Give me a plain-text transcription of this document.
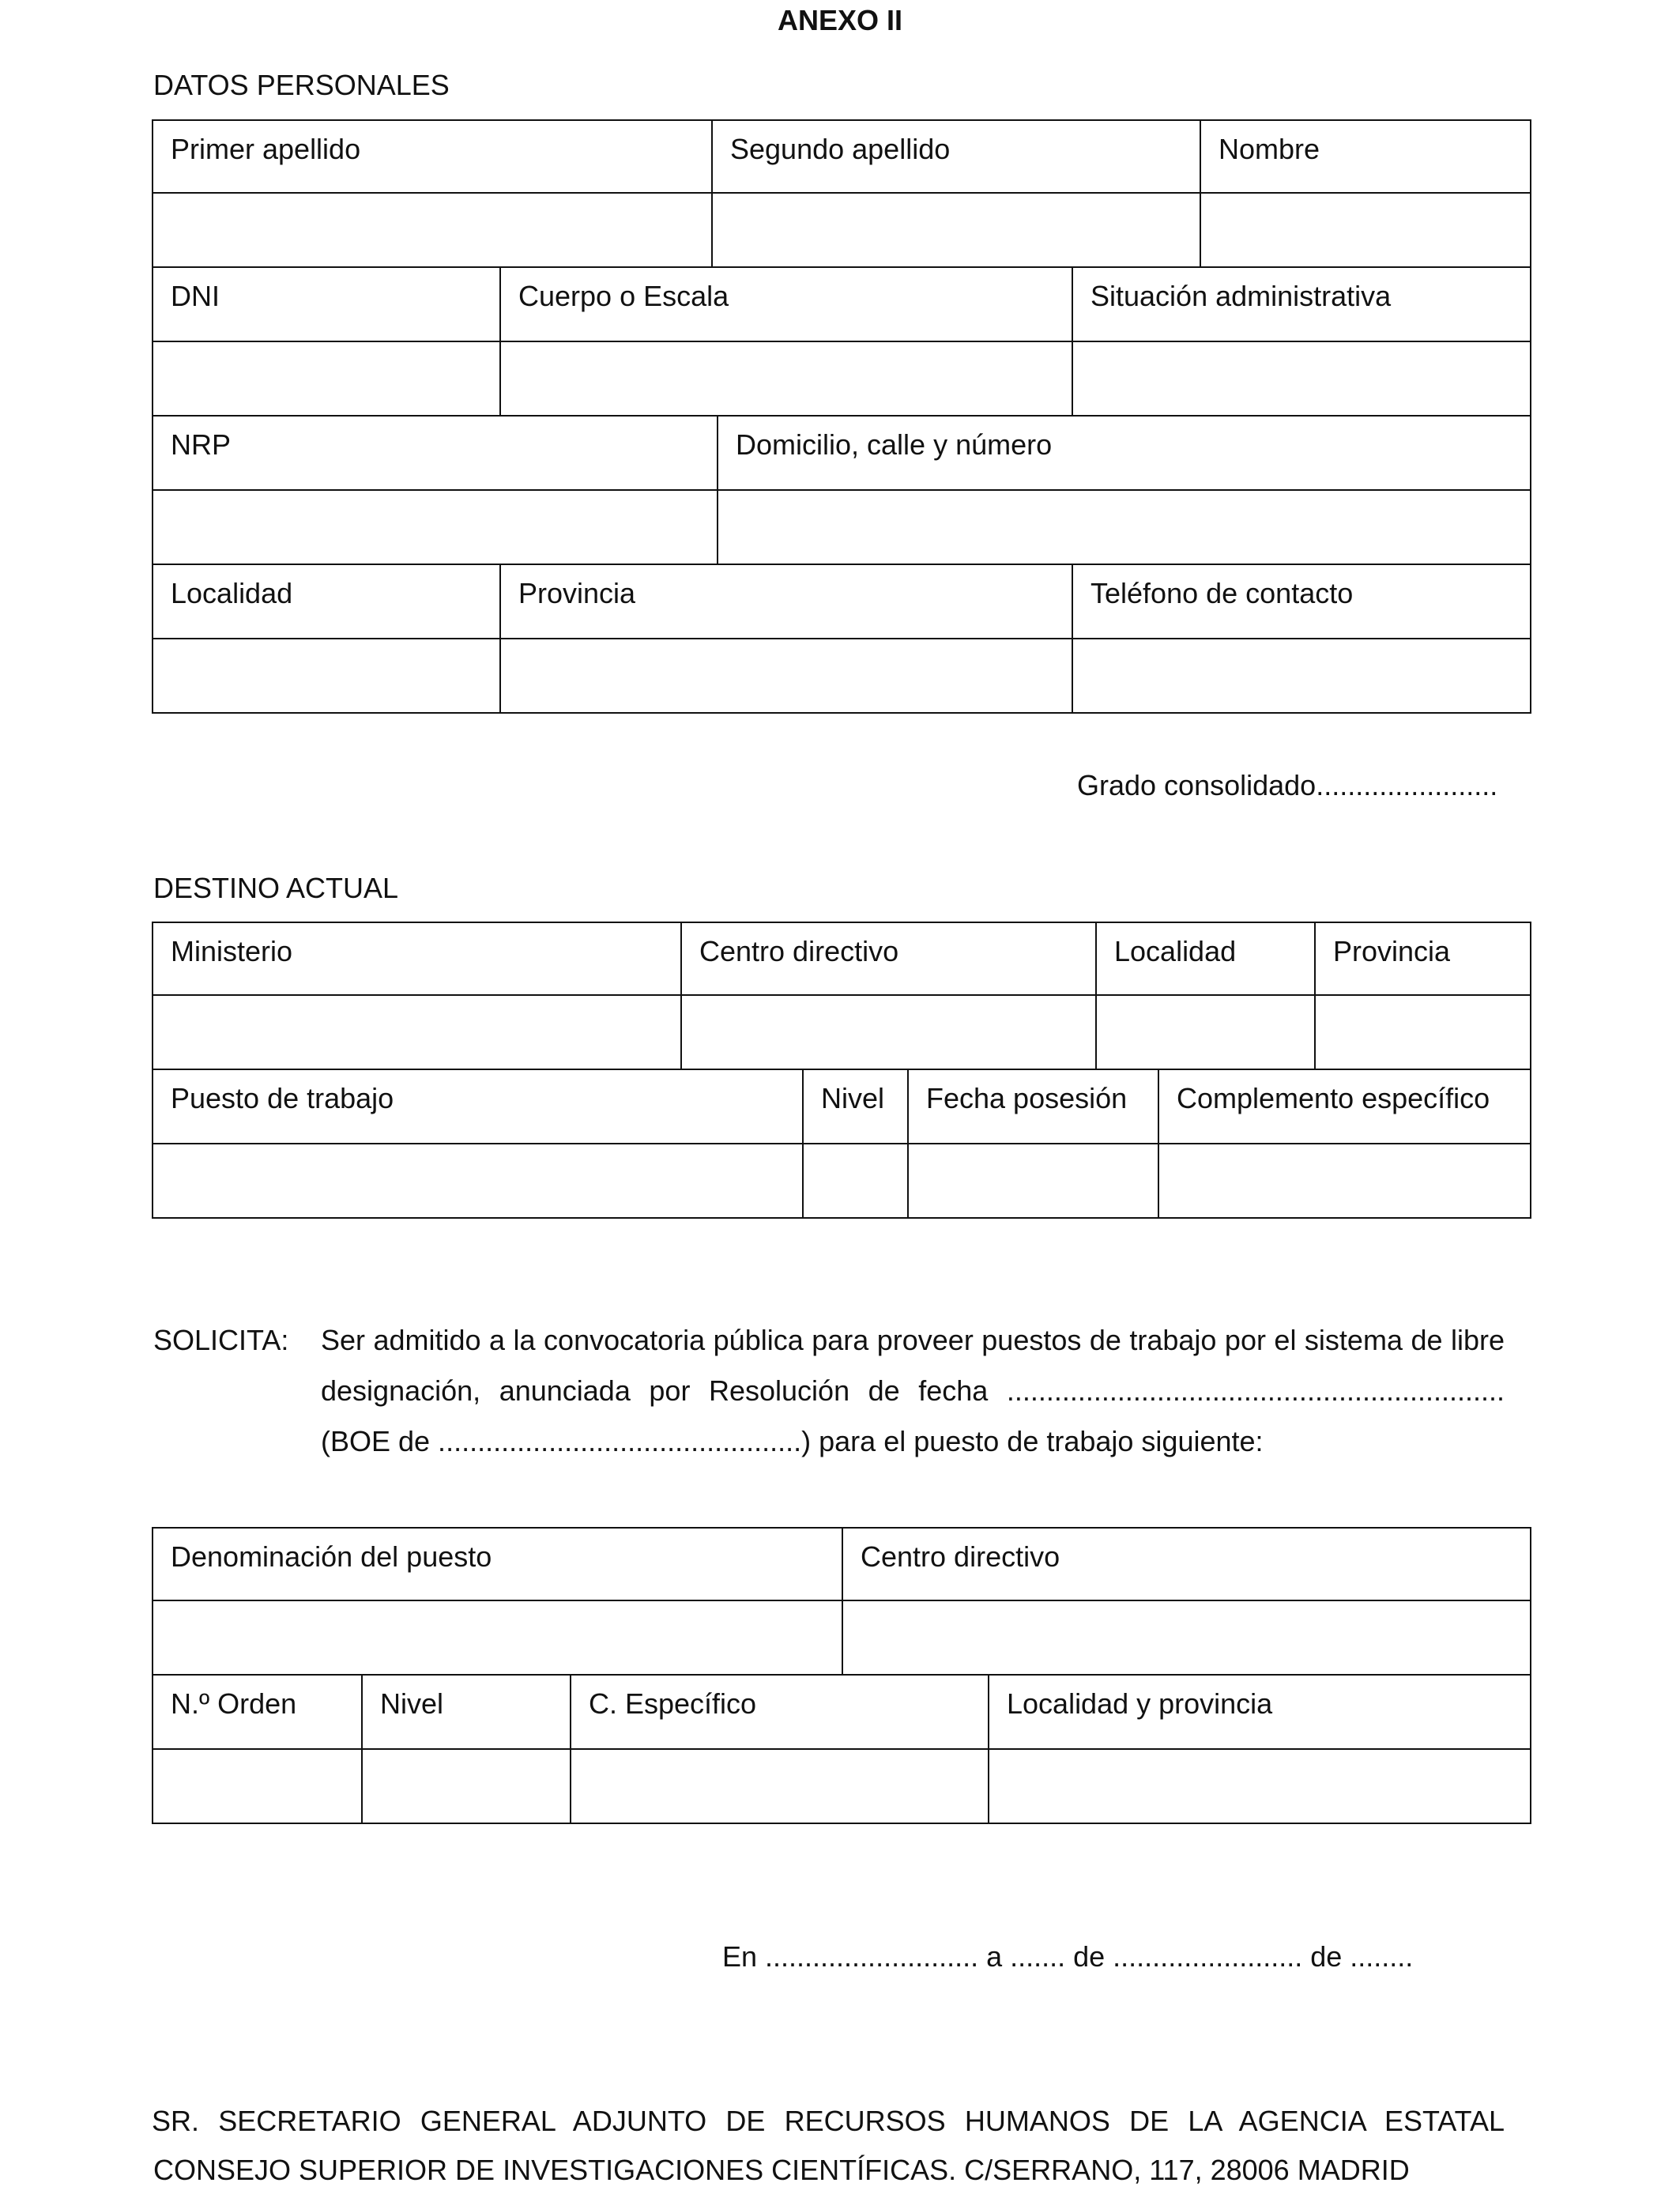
ANEXO II
DATOS PERSONALES
Primer apellido	Segundo apellido	Nombre
DNI	Cuerpo o Escala	Situación administrativa
NRP	Domicilio, calle y número
Localidad	Provincia	Teléfono de contacto
Grado consolidado.......................
DESTINO ACTUAL
Ministerio	Centro directivo	Localidad	Provincia
Puesto de trabajo	Nivel	Fecha posesión	Complemento específico
SOLICITA: Ser admitido a la convocatoria pública para proveer puestos de trabajo por el sistema de libre
designación, anunciada por Resolución de fecha ...............................................................
(BOE de ..............................................) para el puesto de trabajo siguiente:
Denominación del puesto	Centro directivo
N.º Orden	Nivel	C. Específico	Localidad y provincia
En ........................... a ....... de ........................ de ........
SR. SECRETARIO GENERAL ADJUNTO DE RECURSOS HUMANOS DE LA AGENCIA ESTATAL
CONSEJO SUPERIOR DE INVESTIGACIONES CIENTÍFICAS. C/SERRANO, 117, 28006 MADRID
